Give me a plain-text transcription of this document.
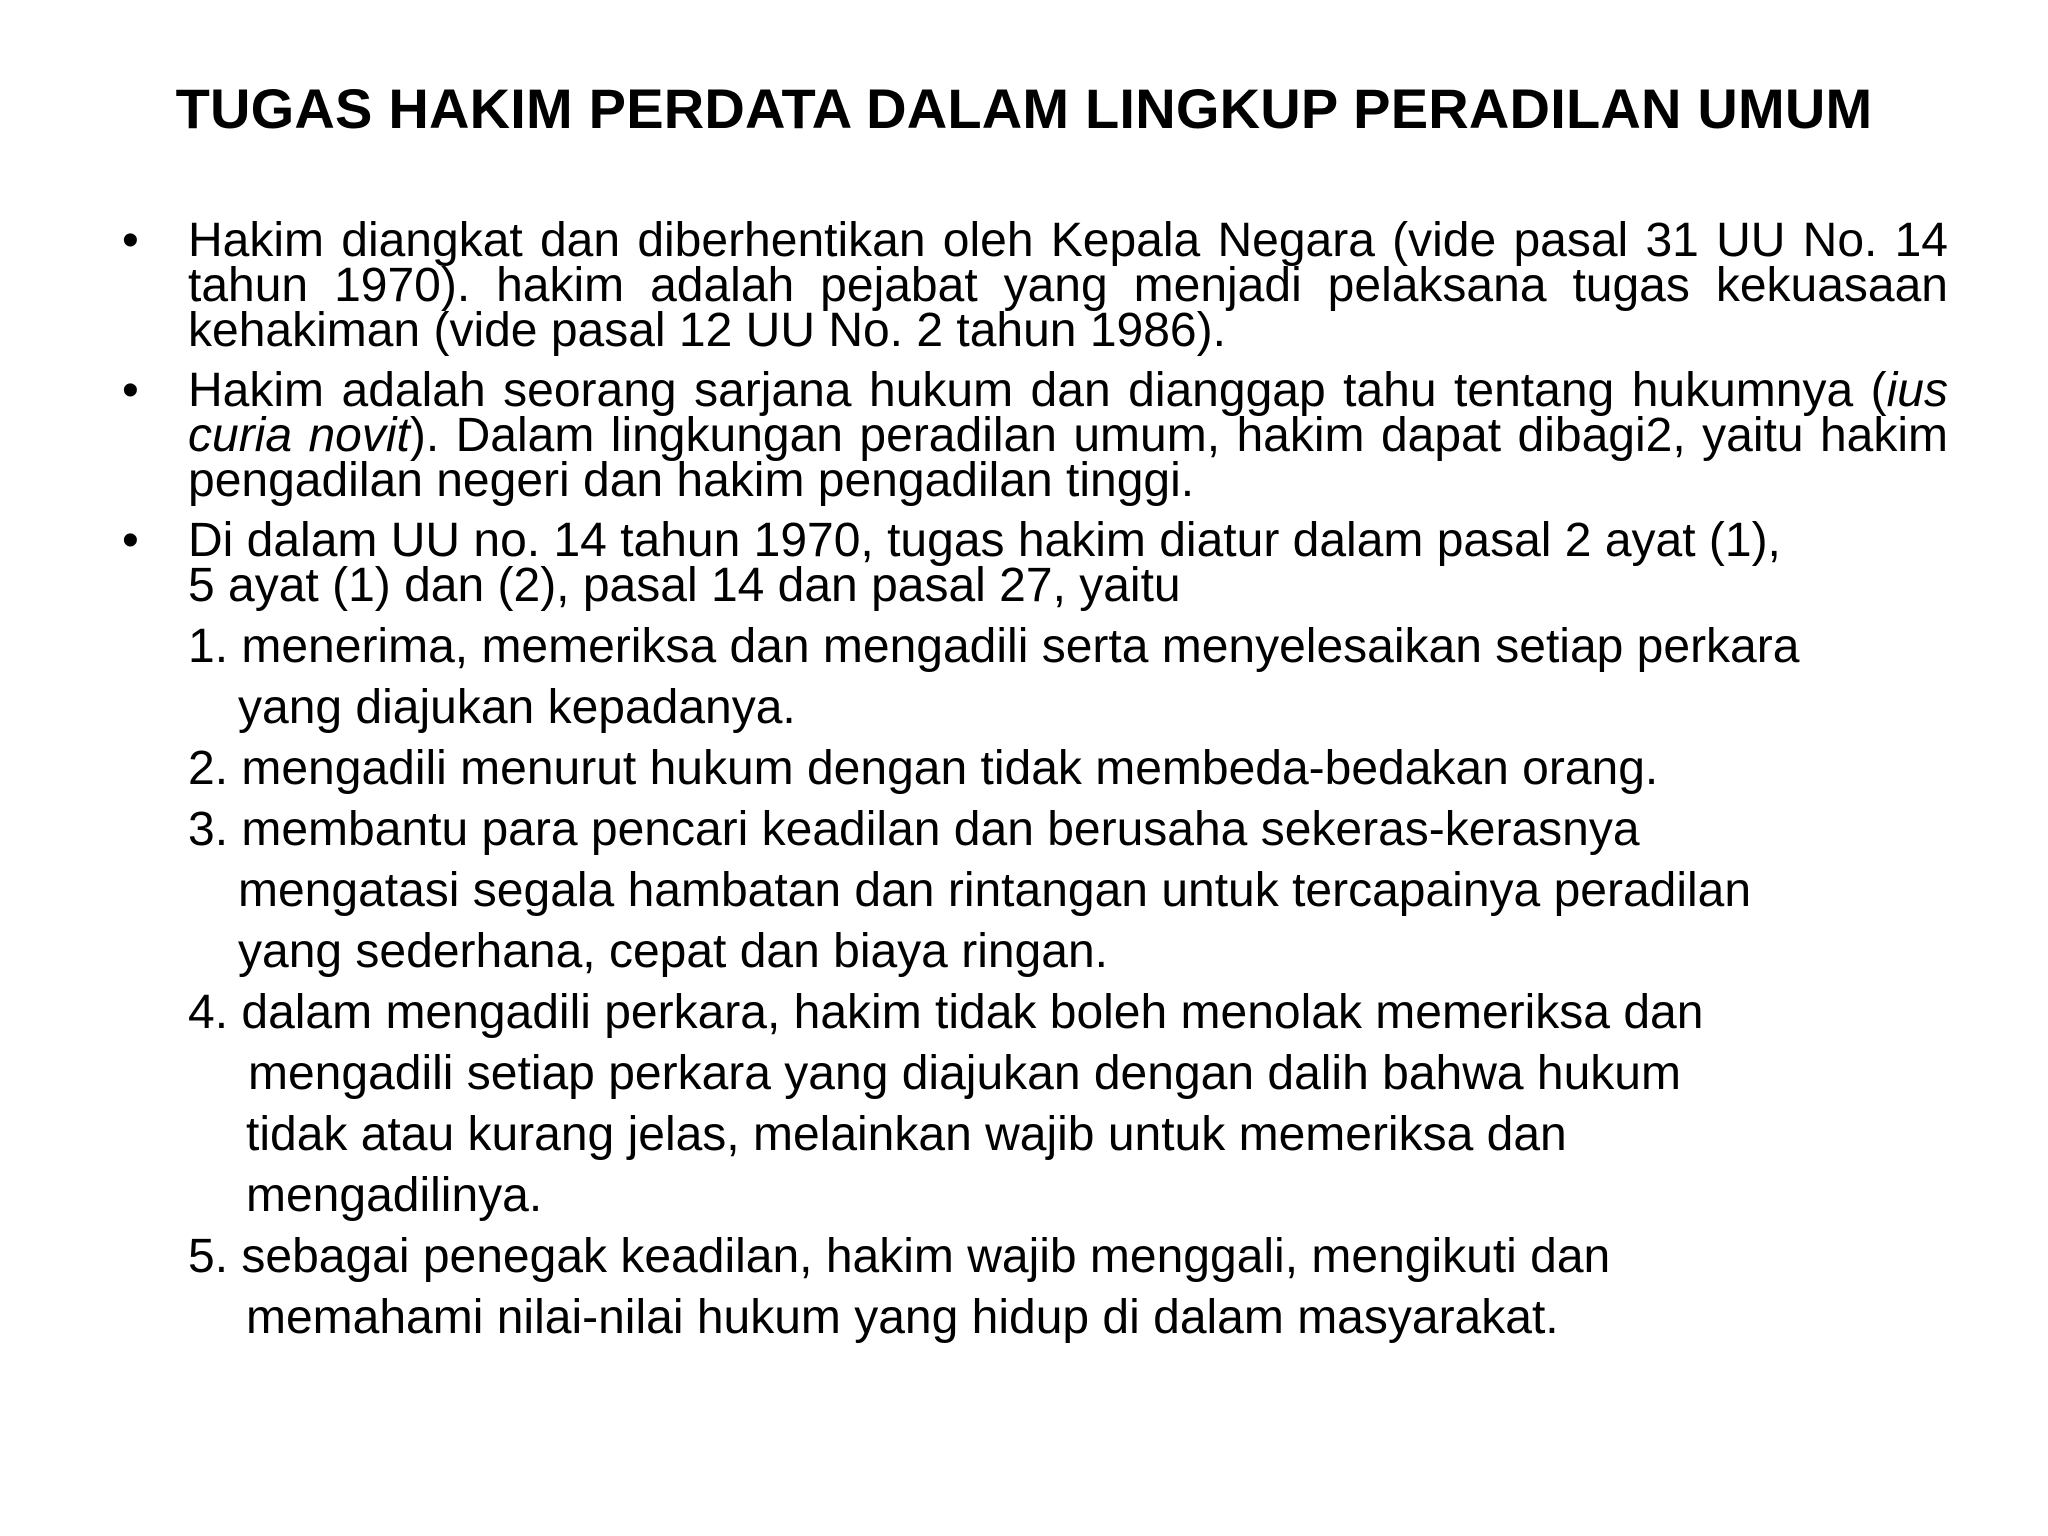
TUGAS HAKIM PERDATA DALAM LINGKUP PERADILAN UMUM
• Hakim diangkat dan diberhentikan oleh Kepala Negara (vide pasal 31 UU No. 14 tahun 1970). hakim adalah pejabat yang menjadi pelaksana tugas kekuasaan kehakiman (vide pasal 12 UU No. 2 tahun 1986).
• Hakim adalah seorang sarjana hukum dan dianggap tahu tentang hukumnya (ius curia novit). Dalam lingkungan peradilan umum, hakim dapat dibagi2, yaitu hakim pengadilan negeri dan hakim pengadilan tinggi.
• Di dalam UU no. 14 tahun 1970, tugas hakim diatur dalam pasal 2 ayat (1),
5 ayat (1) dan (2), pasal 14 dan pasal 27, yaitu
1. menerima, memeriksa dan mengadili serta menyelesaikan setiap perkara
yang diajukan kepadanya.
2. mengadili menurut hukum dengan tidak membeda-bedakan orang.
3. membantu para pencari keadilan dan berusaha sekeras-kerasnya
mengatasi segala hambatan dan rintangan untuk tercapainya peradilan
yang sederhana, cepat dan biaya ringan.
4. dalam mengadili perkara, hakim tidak boleh menolak memeriksa dan
mengadili setiap perkara yang diajukan dengan dalih bahwa hukum
tidak atau kurang jelas, melainkan wajib untuk memeriksa dan
mengadilinya.
5. sebagai penegak keadilan, hakim wajib menggali, mengikuti dan
memahami nilai-nilai hukum yang hidup di dalam masyarakat.
